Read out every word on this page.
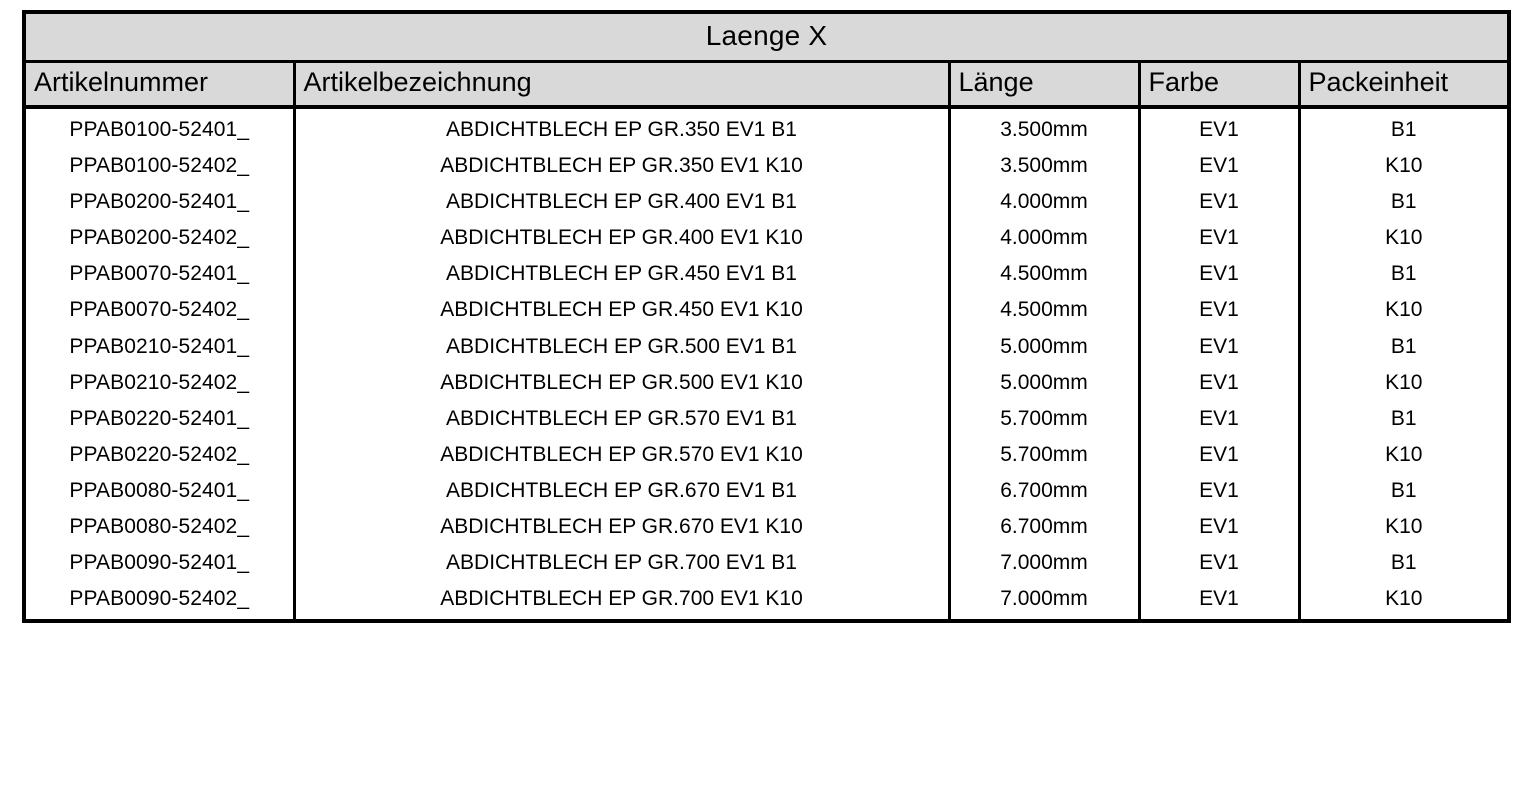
Laenge X				
Artikelnummer	Artikelbezeichnung	Länge	Farbe	Packeinheit
PPAB0100-52401_	ABDICHTBLECH EP GR.350 EV1 B1	3.500mm	EV1	B1
PPAB0100-52402_	ABDICHTBLECH EP GR.350 EV1 K10	3.500mm	EV1	K10
PPAB0200-52401_	ABDICHTBLECH EP GR.400 EV1 B1	4.000mm	EV1	B1
PPAB0200-52402_	ABDICHTBLECH EP GR.400 EV1 K10	4.000mm	EV1	K10
PPAB0070-52401_	ABDICHTBLECH EP GR.450 EV1 B1	4.500mm	EV1	B1
PPAB0070-52402_	ABDICHTBLECH EP GR.450 EV1 K10	4.500mm	EV1	K10
PPAB0210-52401_	ABDICHTBLECH EP GR.500 EV1 B1	5.000mm	EV1	B1
PPAB0210-52402_	ABDICHTBLECH EP GR.500 EV1 K10	5.000mm	EV1	K10
PPAB0220-52401_	ABDICHTBLECH EP GR.570 EV1 B1	5.700mm	EV1	B1
PPAB0220-52402_	ABDICHTBLECH EP GR.570 EV1 K10	5.700mm	EV1	K10
PPAB0080-52401_	ABDICHTBLECH EP GR.670 EV1 B1	6.700mm	EV1	B1
PPAB0080-52402_	ABDICHTBLECH EP GR.670 EV1 K10	6.700mm	EV1	K10
PPAB0090-52401_	ABDICHTBLECH EP GR.700 EV1 B1	7.000mm	EV1	B1
PPAB0090-52402_	ABDICHTBLECH EP GR.700 EV1 K10	7.000mm	EV1	K10
